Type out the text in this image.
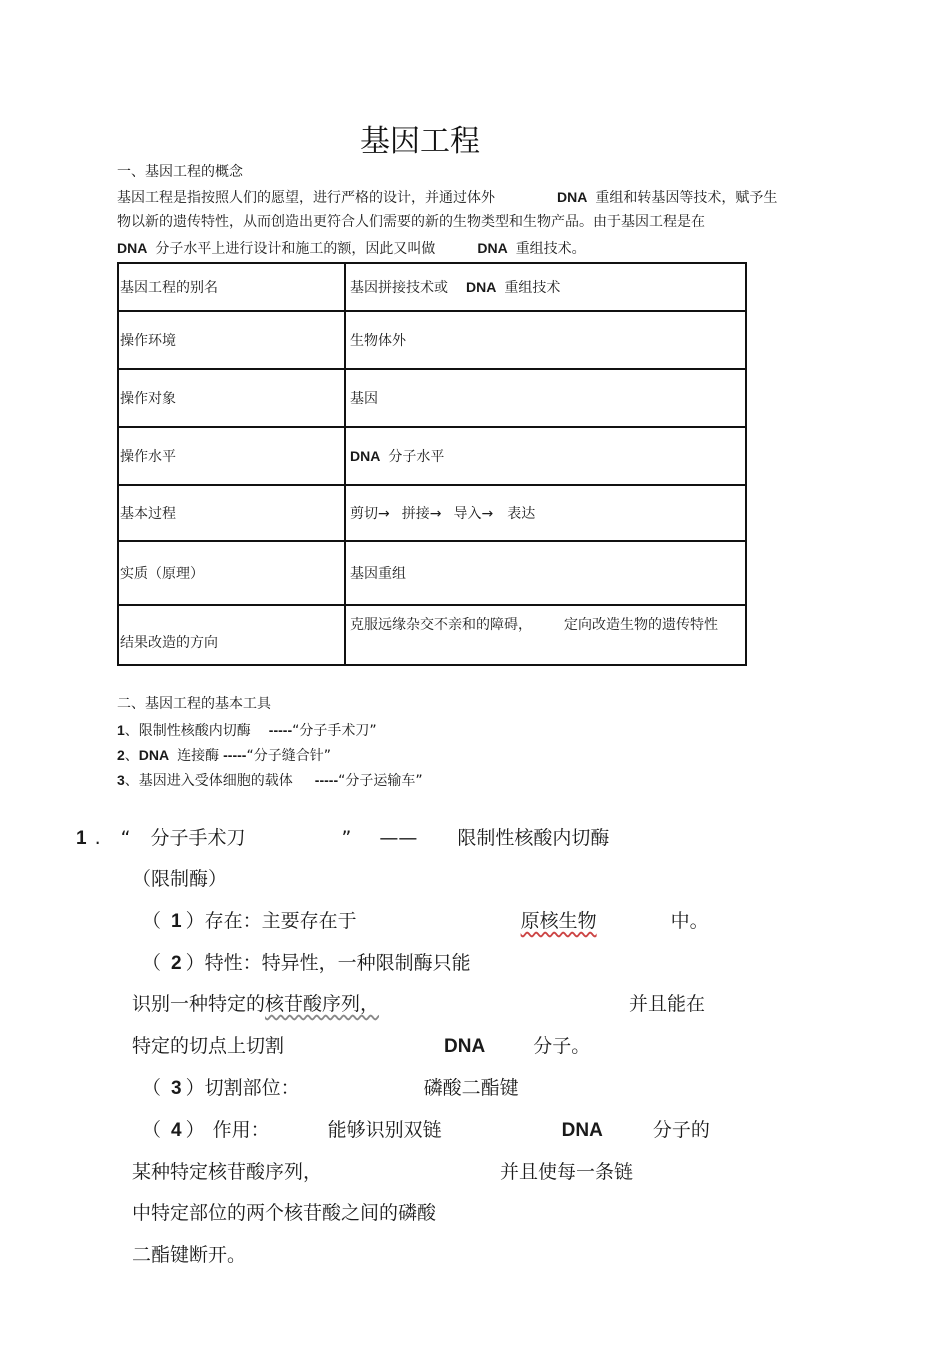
基因工程
一、基因工程的概念
基因工程是指按照人们的愿望，进行严格的设计，并通过体外	DNA 重组和转基因等技术，赋予生
物以新的遗传特性，从而创造出更符合人们需要的新的生物类型和生物产品。由于基因工程是在
DNA 分子水平上进行设计和施工的额，因此又叫做	DNA 重组技术。
基因工程的别名	基因拼接技术或 DNA 重组技术
操作环境	生物体外
操作对象	基因
操作水平	DNA 分子水平
基本过程	剪切→ 拼接→ 导入→ 表达
实质（原理）	基因重组
结果改造的方向	克服远缘杂交不亲和的障碍， 定向改造生物的遗传特性
二、基因工程的基本工具
1、限制性核酸内切酶 -----“分子手术刀”
2、DNA 连接酶 -----“分子缝合针”
3、基因进入受体细胞的载体 -----“分子运输车”
1 . “ 分子手术刀	” —— 限制性核酸内切酶
（限制酶）
（ 1 ）存在：主要存在于	原核生物	中。
（ 2 ）特性：特异性，一种限制酶只能
识别一种特定的核苷酸序列，	并且能在
特定的切点上切割	DNA	分子。
（ 3 ）切割部位：	磷酸二酯键
（ 4 ） 作用：	能够识别双链	DNA	分子的
某种特定核苷酸序列，	并且使每一条链
中特定部位的两个核苷酸之间的磷酸
二酯键断开。
